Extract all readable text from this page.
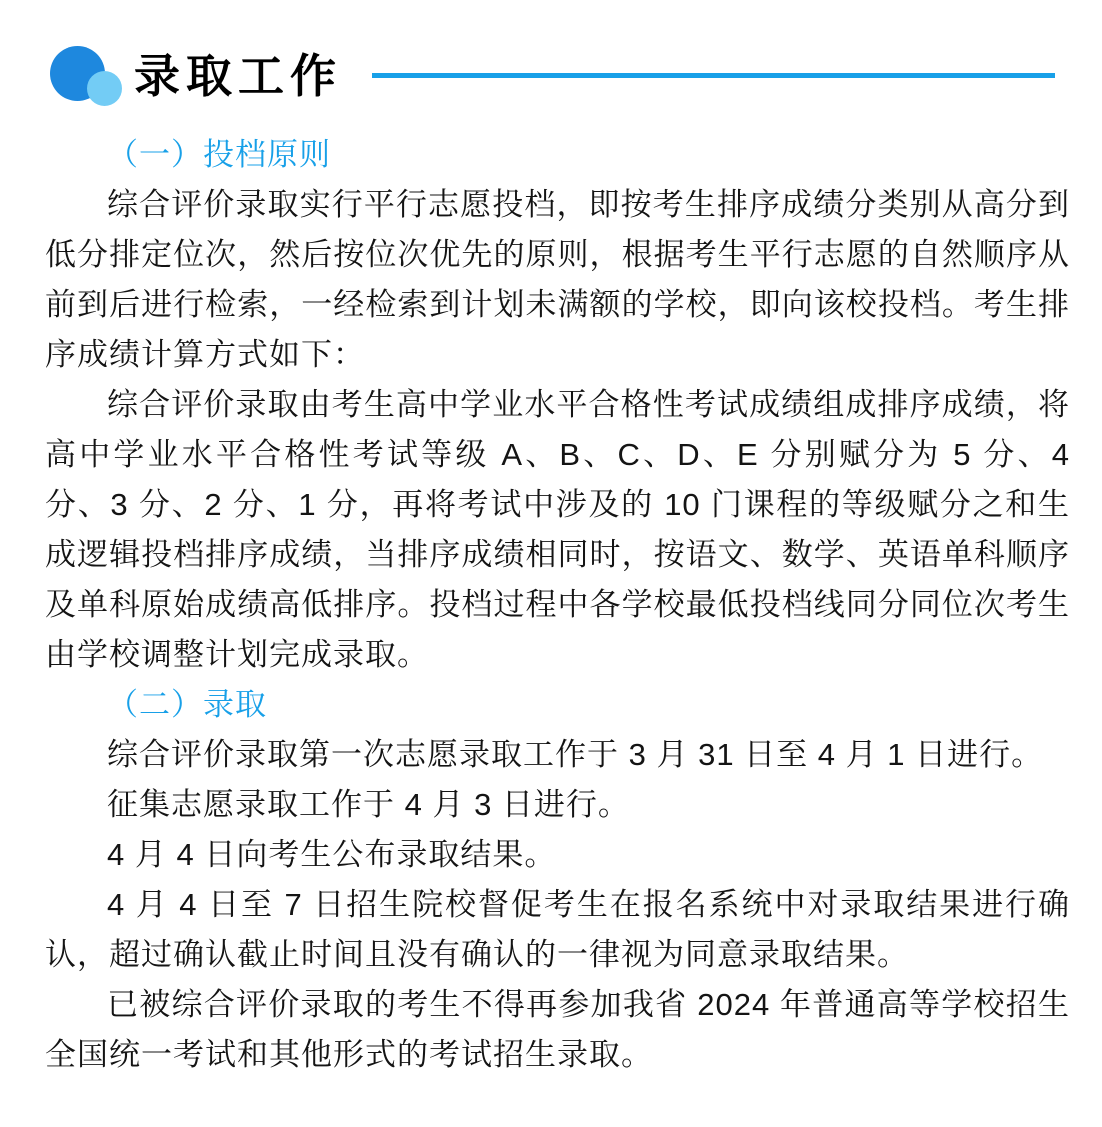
录取工作
（一）投档原则

综合评价录取实行平行志愿投档，即按考生排序成绩分类别从高分到低分排定位次，然后按位次优先的原则，根据考生平行志愿的自然顺序从前到后进行检索，一经检索到计划未满额的学校，即向该校投档。考生排序成绩计算方式如下：

综合评价录取由考生高中学业水平合格性考试成绩组成排序成绩，将高中学业水平合格性考试等级 A、B、C、D、E 分别赋分为 5 分、4 分、3 分、2 分、1 分，再将考试中涉及的 10 门课程的等级赋分之和生成逻辑投档排序成绩，当排序成绩相同时，按语文、数学、英语单科顺序及单科原始成绩高低排序。投档过程中各学校最低投档线同分同位次考生由学校调整计划完成录取。

（二）录取

综合评价录取第一次志愿录取工作于 3 月 31 日至 4 月 1 日进行。

征集志愿录取工作于 4 月 3 日进行。

4 月 4 日向考生公布录取结果。

4 月 4 日至 7 日招生院校督促考生在报名系统中对录取结果进行确认，超过确认截止时间且没有确认的一律视为同意录取结果。

已被综合评价录取的考生不得再参加我省 2024 年普通高等学校招生全国统一考试和其他形式的考试招生录取。
